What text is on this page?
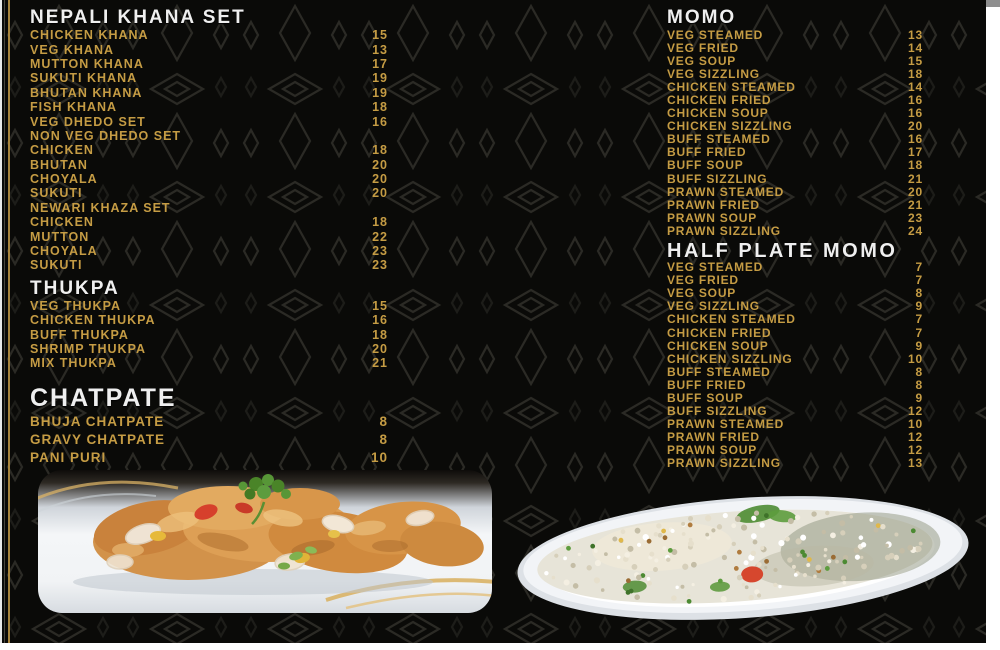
NEPALI KHANA SET
CHICKEN KHANA	15
VEG KHANA	13
MUTTON KHANA	17
SUKUTI KHANA	19
BHUTAN KHANA	19
FISH KHANA	18
VEG DHEDO SET	16
NON VEG DHEDO SET
CHICKEN	18
BHUTAN	20
CHOYALA	20
SUKUTI	20
NEWARI KHAZA SET
CHICKEN	18
MUTTON	22
CHOYALA	23
SUKUTI	23
THUKPA
VEG THUKPA	15
CHICKEN THUKPA	16
BUFF THUKPA	18
SHRIMP THUKPA	20
MIX THUKPA	21
CHATPATE
BHUJA CHATPATE	8
GRAVY CHATPATE	8
PANI PURI	10
MOMO
VEG STEAMED	13
VEG FRIED	14
VEG SOUP	15
VEG SIZZLING	18
CHICKEN STEAMED	14
CHICKEN FRIED	16
CHICKEN SOUP	16
CHICKEN SIZZLING	20
BUFF STEAMED	16
BUFF FRIED	17
BUFF SOUP	18
BUFF SIZZLING	21
PRAWN STEAMED	20
PRAWN FRIED	21
PRAWN SOUP	23
PRAWN SIZZLING	24
HALF PLATE MOMO
VEG STEAMED	7
VEG FRIED	7
VEG SOUP	8
VEG SIZZLING	9
CHICKEN STEAMED	7
CHICKEN FRIED	7
CHICKEN SOUP	9
CHICKEN SIZZLING	10
BUFF STEAMED	8
BUFF FRIED	8
BUFF SOUP	9
BUFF SIZZLING	12
PRAWN STEAMED	10
PRAWN FRIED	12
PRAWN SOUP	12
PRAWN SIZZLING	13
